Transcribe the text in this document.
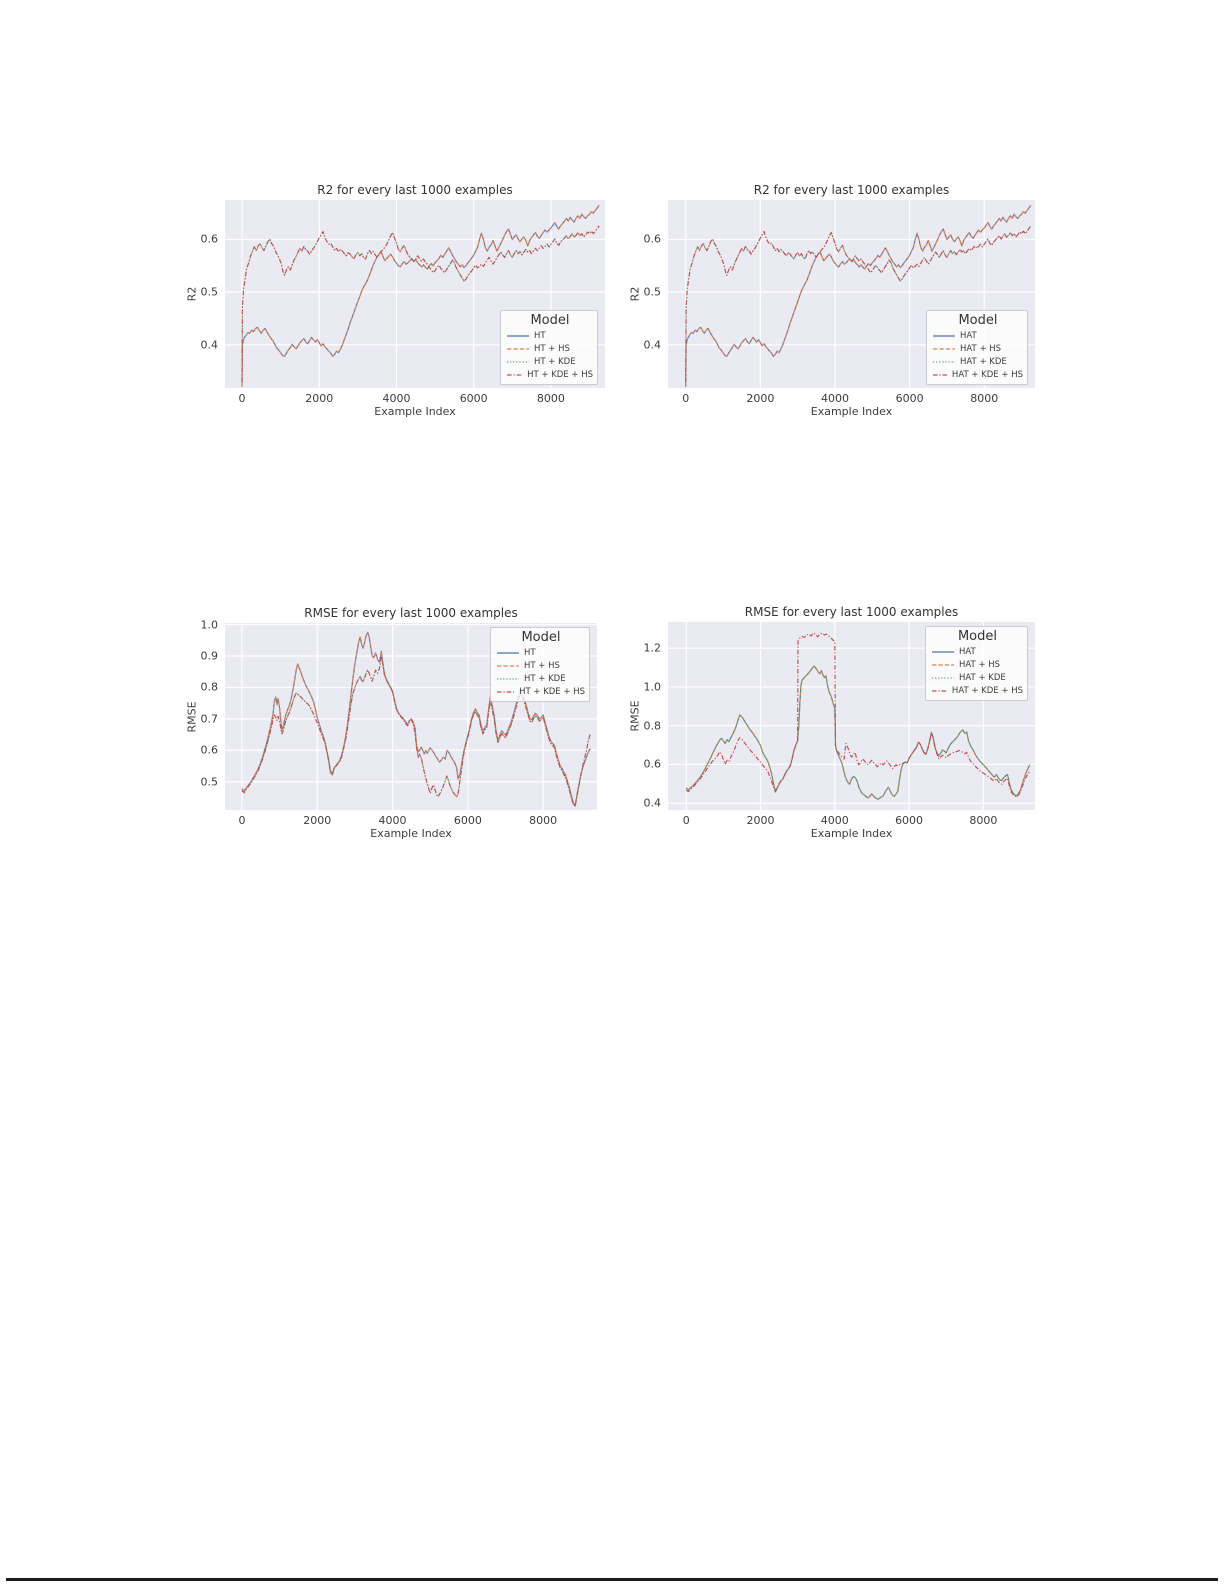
R2 for every last 1000 examples
R2
Example Index
0	2000	4000	6000	8000
0.4
0.5
0.6
Model
HT
HT + HS
HT + KDE
HT + KDE + HS
R2 for every last 1000 examples
R2
Example Index
0	2000	4000	6000	8000
0.4
0.5
0.6
Model
HAT
HAT + HS
HAT + KDE
HAT + KDE + HS
RMSE for every last 1000 examples
RMSE
Example Index
0	2000	4000	6000	8000
0.5
0.6
0.7
0.8
0.9
1.0
Model
HT
HT + HS
HT + KDE
HT + KDE + HS
RMSE for every last 1000 examples
RMSE
Example Index
0	2000	4000	6000	8000
0.4
0.6
0.8
1.0
1.2
Model
HAT
HAT + HS
HAT + KDE
HAT + KDE + HS
